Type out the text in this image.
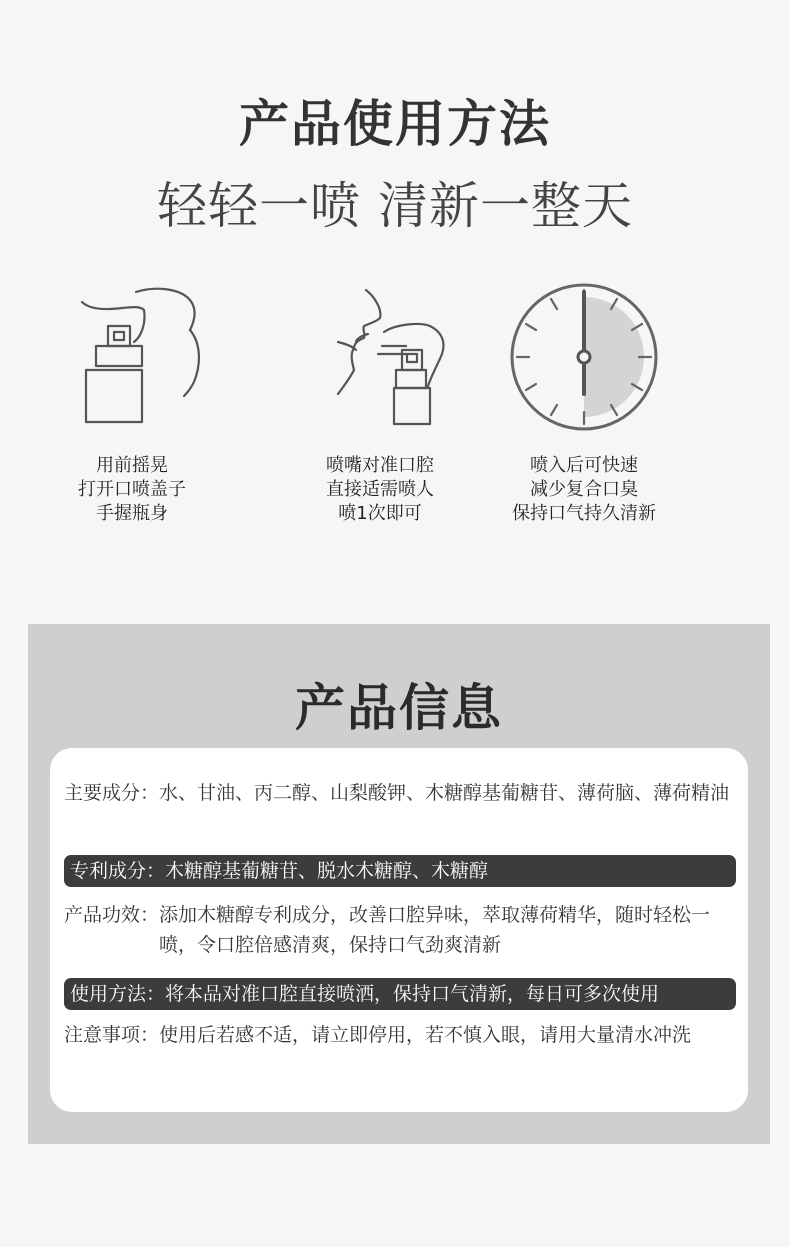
产品使用方法
轻轻一喷 清新一整天
用前摇晃
打开口喷盖子
手握瓶身
喷嘴对准口腔
直接适需喷人
喷1次即可
喷入后可快速
减少复合口臭
保持口气持久清新
产品信息
主要成分： 水、甘油、丙二醇、山梨酸钾、木糖醇基葡糖苷、薄荷脑、薄荷精油
专利成分： 木糖醇基葡糖苷、脱水木糖醇、木糖醇
产品功效： 添加木糖醇专利成分，改善口腔异味，萃取薄荷精华，随时轻松一喷，令口腔倍感清爽，保持口气劲爽清新
使用方法： 将本品对准口腔直接喷洒，保持口气清新，每日可多次使用
注意事项： 使用后若感不适，请立即停用，若不慎入眼，请用大量清水冲洗
